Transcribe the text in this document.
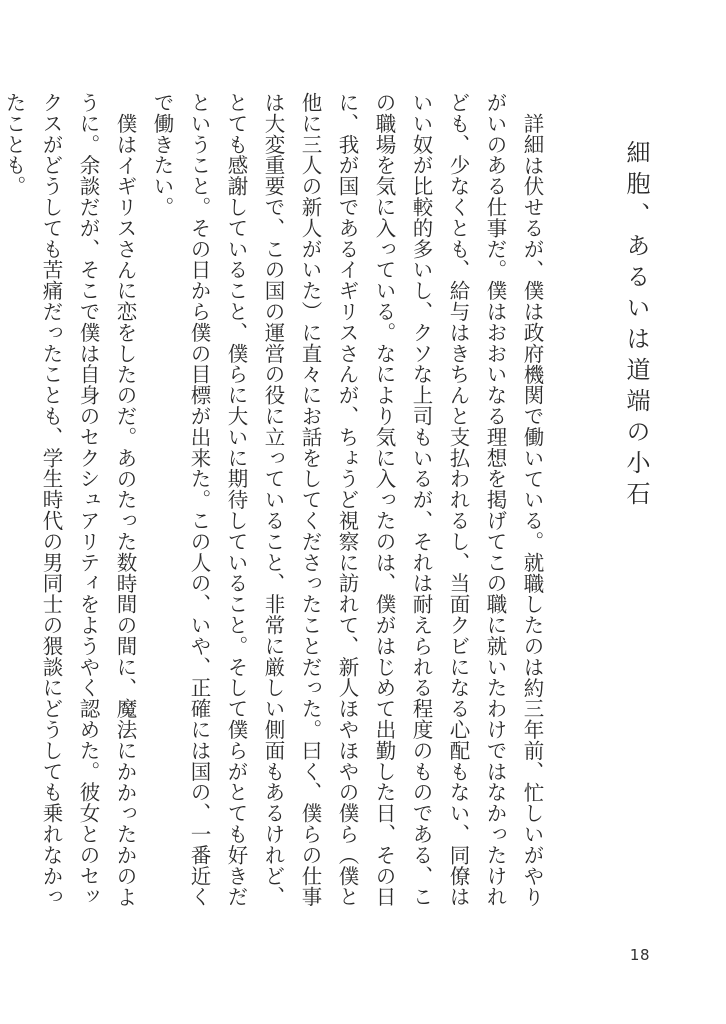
細胞、あるいは道端の小石

詳細は伏せるが、僕は政府機関で働いている。就職したのは約三年前、忙しいがやりがいのある仕事だ。僕はおおいなる理想を掲げてこの職に就いたわけではなかったけれども、少なくとも、給与はきちんと支払われるし、当面クビになる心配もない、同僚はいい奴が比較的多いし、クソな上司もいるが、それは耐えられる程度のものである、この職場を気に入っている。なにより気に入ったのは、僕がはじめて出勤した日、その日に、我が国であるイギリスさんが、ちょうど視察に訪れて、新人ほやほやの僕ら（僕と他に三人の新人がいた）に直々にお話をしてくださったことだった。曰く、僕らの仕事は大変重要で、この国の運営の役に立っていること、非常に厳しい側面もあるけれど、とても感謝していること、僕らに大いに期待していること。そして僕らがとても好きだということ。その日から僕の目標が出来た。この人の、いや、正確には国の、一番近くで働きたい。

僕はイギリスさんに恋をしたのだ。あのたった数時間の間に、魔法にかかったかのように。余談だが、そこで僕は自身のセクシュアリティをようやく認めた。彼女とのセックスがどうしても苦痛だったことも、学生時代の男同士の猥談にどうしても乗れなかったことも。

18
